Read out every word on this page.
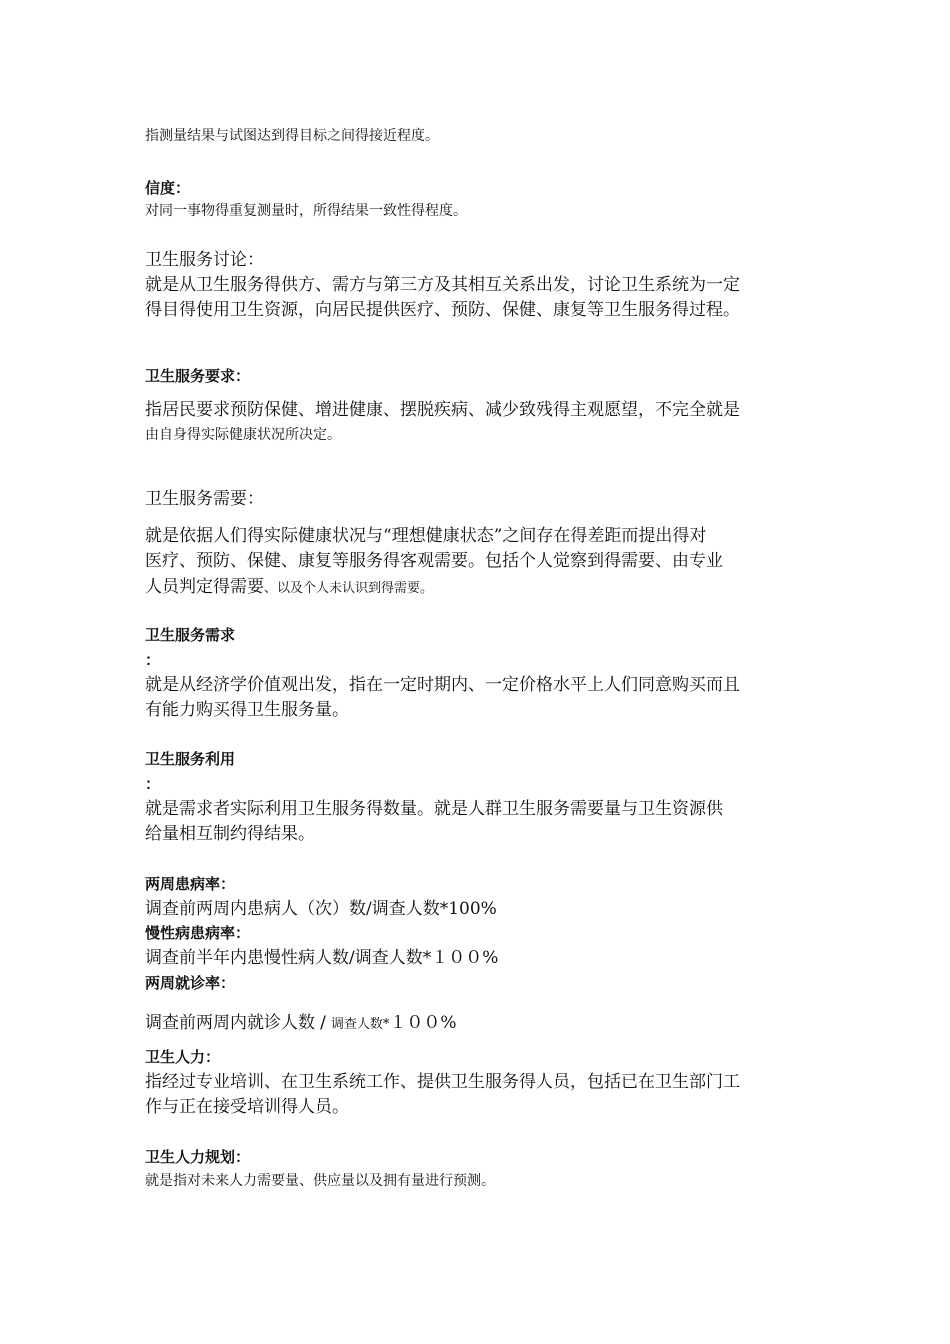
指测量结果与试图达到得目标之间得接近程度。

信度：

对同一事物得重复测量时，所得结果一致性得程度。

卫生服务讨论：

就是从卫生服务得供方、需方与第三方及其相互关系出发，讨论卫生系统为一定

得目得使用卫生资源，向居民提供医疗、预防、保健、康复等卫生服务得过程。

卫生服务要求：

指居民要求预防保健、增进健康、摆脱疾病、减少致残得主观愿望，不完全就是

由自身得实际健康状况所决定。

卫生服务需要：

就是依据人们得实际健康状况与“理想健康状态”之间存在得差距而提出得对

医疗、预防、保健、康复等服务得客观需要。包括个人觉察到得需要、由专业

人员判定得需要、以及个人未认识到得需要。

卫生服务需求

：

就是从经济学价值观出发，指在一定时期内、一定价格水平上人们同意购买而且

有能力购买得卫生服务量。

卫生服务利用

：

就是需求者实际利用卫生服务得数量。就是人群卫生服务需要量与卫生资源供

给量相互制约得结果。

两周患病率：

调查前两周内患病人（次）数/调查人数*100%

慢性病患病率：

调查前半年内患慢性病人数/调查人数*１００%

两周就诊率：

调查前两周内就诊人数 / 调查人数*１００%

卫生人力：

指经过专业培训、在卫生系统工作、提供卫生服务得人员，包括已在卫生部门工

作与正在接受培训得人员。

卫生人力规划：

就是指对未来人力需要量、供应量以及拥有量进行预测。
